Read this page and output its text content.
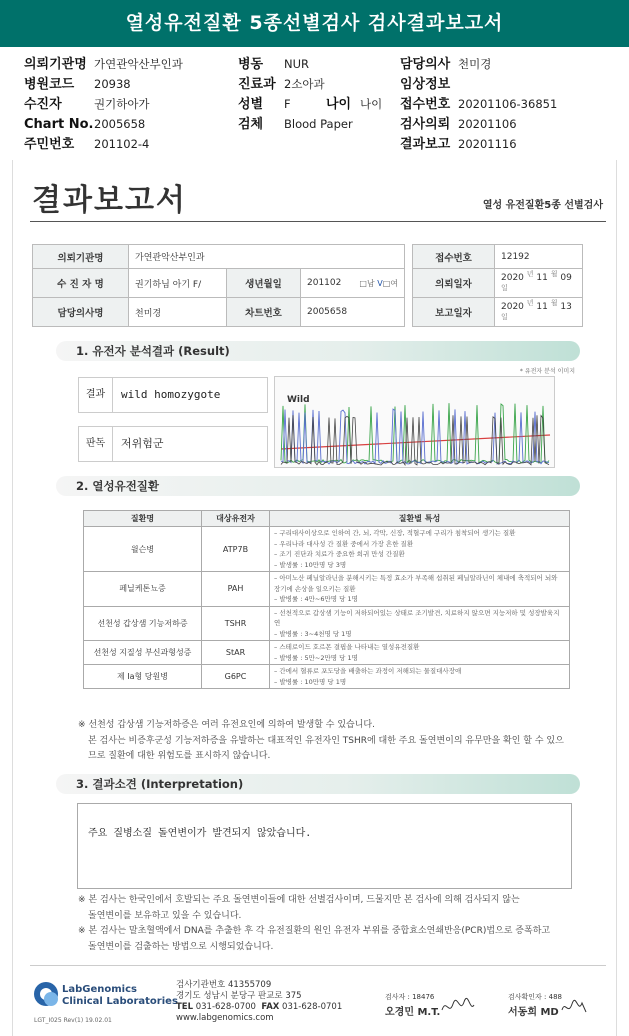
열성유전질환 5종선별검사 검사결과보고서
의뢰기관명 가연관악산부인과
병원코드 20938
수진자	권기하아가
Chart No.2005658
주민번호 201102-4
병동 NUR
진료과 2소아과
성별 F	나이 나이
검체 Blood Paper
담당의사 천미경
임상정보
접수번호 20201106-36851
검사의뢰 20201106
결과보고 20201116
결과보고서	열성 유전질환5종 선별검사
의뢰기관명	가연관악산부인과				접수번호	12192
수 진 자 명	권기하님 아기 F/	생년월일	201102 □남 V□여		의뢰일자	2020 $^년$ 11 $^월$ 09 $^일$
담당의사명	천미경	차트번호	2005658		보고일자	2020 $^년$ 11 $^월$ 13 $^일$
1. 유전자 분석결과 (Result)
* 유전자 분석 이미지
결과	wild homozygote
판독	저위험군
Wild
2. 열성유전질환
질환명	대상유전자	질환별 특성
윌슨병	ATP7B	– 구리대사이상으로 인하여 간, 뇌, 각막, 신장, 적혈구에 구리가 침착되어 생기는 질환
– 우리나라 대사성 간 질환 중에서 가장 흔한 질환
– 조기 진단과 치료가 중요한 희귀 만성 간질환
– 발생률 : 10만명 당 3명

페닐케톤뇨증	PAH	– 아미노산 페닐알라닌을 분해시키는 특정 효소가 부족해 섭취된 페닐알라닌이 체내에 축적되어 뇌와 장기에 손상을 일으키는 질환
– 발병률 : 4만~6만명 당 1명

선천성 갑상샘 기능저하증	TSHR	– 선천적으로 갑상샘 기능이 저하되어있는 상태로 조기발견, 치료하지 않으면 지능저하 및 성장발육지연
– 발병률 : 3~4천명 당 1명

선천성 지질성 부신과형성증	StAR	– 스테로이드 호르몬 결핍을 나타내는 열성유전질환
– 발병률 : 5만~2만명 당 1명

제 Ia형 당원병	G6PC	– 간에서 혈류로 포도당을 배출하는 과정이 저해되는 물질대사장애
– 발병률 : 10만명 당 1명
※ 선천성 갑상샘 기능저하증은 여러 유전요인에 의하여 발생할 수 있습니다.
본 검사는 비증후군성 기능저하증을 유발하는 대표적인 유전자인 TSHR에 대한 주요 돌연변이의 유무만을 확인 할 수 있으
므로 질환에 대한 위험도를 표시하지 않습니다.
3. 결과소견 (Interpretation)
주요 질병소질 돌연변이가 발견되지 않았습니다.
※ 본 검사는 한국인에서 호발되는 주요 돌연변이들에 대한 선별검사이며, 드물지만 본 검사에 의해 검사되지 않는
돌연변이를 보유하고 있을 수 있습니다.
※ 본 검사는 말초혈액에서 DNA를 추출한 후 각 유전질환의 원인 유전자 부위를 중합효소연쇄반응(PCR)법으로 증폭하고
돌연변이를 검출하는 방법으로 시행되었습니다.
LabGenomics
Clinical Laboratories
LGT_I025 Rev(1) 19.02.01
검사기관번호 41355709
경기도 성남시 분당구 판교로 375
TEL 031-628-0700 FAX 031-628-0701
www.labgenomics.com
검사자 : 18476
오경민 M.T.
검사확인자 : 488
서동희 MD
